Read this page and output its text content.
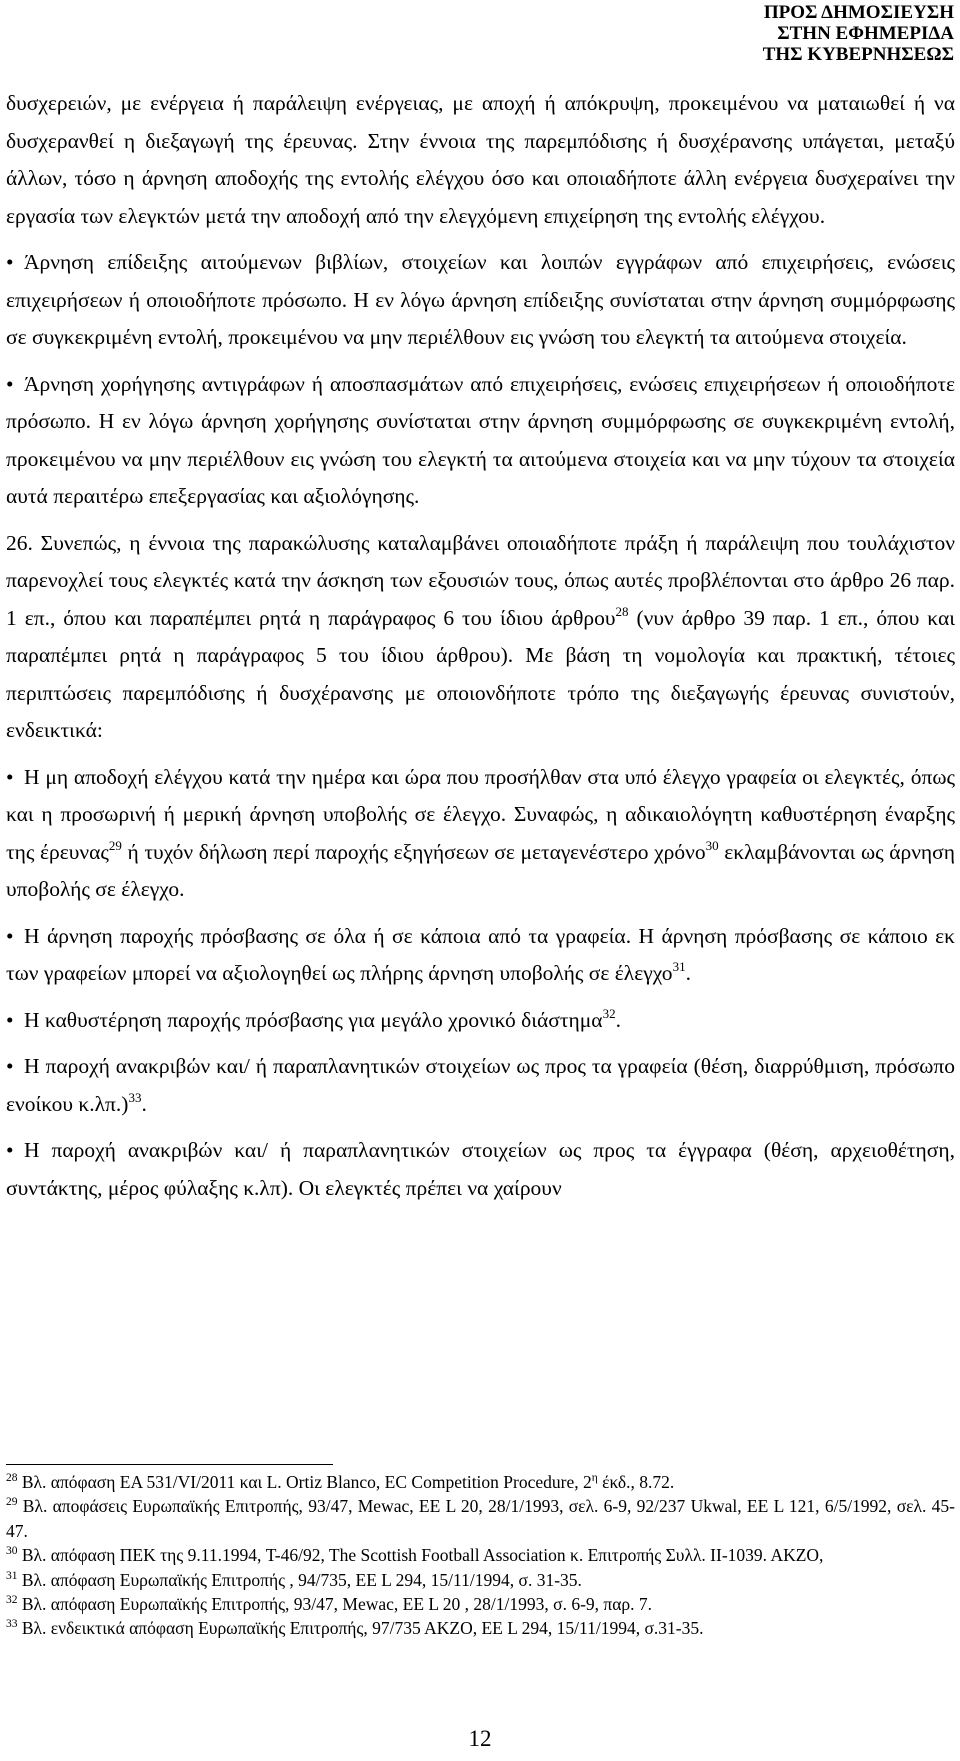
ΠΡΟΣ ΔΗΜΟΣΙΕΥΣΗ
ΣΤΗΝ ΕΦΗΜΕΡΙΔΑ
ΤΗΣ ΚΥΒΕΡΝΗΣΕΩΣ

δυσχερειών, με ενέργεια ή παράλειψη ενέργειας, με αποχή ή απόκρυψη, προκειμένου να ματαιωθεί ή να δυσχερανθεί η διεξαγωγή της έρευνας. Στην έννοια της παρεμπόδισης ή δυσχέρανσης υπάγεται, μεταξύ άλλων, τόσο η άρνηση αποδοχής της εντολής ελέγχου όσο και οποιαδήποτε άλλη ενέργεια δυσχεραίνει την εργασία των ελεγκτών μετά την αποδοχή από την ελεγχόμενη επιχείρηση της εντολής ελέγχου.

• Άρνηση επίδειξης αιτούμενων βιβλίων, στοιχείων και λοιπών εγγράφων από επιχειρήσεις, ενώσεις επιχειρήσεων ή οποιοδήποτε πρόσωπο. Η εν λόγω άρνηση επίδειξης συνίσταται στην άρνηση συμμόρφωσης σε συγκεκριμένη εντολή, προκειμένου να μην περιέλθουν εις γνώση του ελεγκτή τα αιτούμενα στοιχεία.

• Άρνηση χορήγησης αντιγράφων ή αποσπασμάτων από επιχειρήσεις, ενώσεις επιχειρήσεων ή οποιοδήποτε πρόσωπο. Η εν λόγω άρνηση χορήγησης συνίσταται στην άρνηση συμμόρφωσης σε συγκεκριμένη εντολή, προκειμένου να μην περιέλθουν εις γνώση του ελεγκτή τα αιτούμενα στοιχεία και να μην τύχουν τα στοιχεία αυτά περαιτέρω επεξεργασίας και αξιολόγησης.

26. Συνεπώς, η έννοια της παρακώλυσης καταλαμβάνει οποιαδήποτε πράξη ή παράλειψη που τουλάχιστον παρενοχλεί τους ελεγκτές κατά την άσκηση των εξουσιών τους, όπως αυτές προβλέπονται στο άρθρο 26 παρ. 1 επ., όπου και παραπέμπει ρητά η παράγραφος 6 του ίδιου άρθρου$^{28}$ (νυν άρθρο 39 παρ. 1 επ., όπου και παραπέμπει ρητά η παράγραφος 5 του ίδιου άρθρου). Με βάση τη νομολογία και πρακτική, τέτοιες περιπτώσεις παρεμπόδισης ή δυσχέρανσης με οποιονδήποτε τρόπο της διεξαγωγής έρευνας συνιστούν, ενδεικτικά:

• Η μη αποδοχή ελέγχου κατά την ημέρα και ώρα που προσήλθαν στα υπό έλεγχο γραφεία οι ελεγκτές, όπως και η προσωρινή ή μερική άρνηση υποβολής σε έλεγχο. Συναφώς, η αδικαιολόγητη καθυστέρηση έναρξης της έρευνας$^{29}$ ή τυχόν δήλωση περί παροχής εξηγήσεων σε μεταγενέστερο χρόνο$^{30}$ εκλαμβάνονται ως άρνηση υποβολής σε έλεγχο.

• Η άρνηση παροχής πρόσβασης σε όλα ή σε κάποια από τα γραφεία. Η άρνηση πρόσβασης σε κάποιο εκ των γραφείων μπορεί να αξιολογηθεί ως πλήρης άρνηση υποβολής σε έλεγχο$^{31}$.

• Η καθυστέρηση παροχής πρόσβασης για μεγάλο χρονικό διάστημα$^{32}$.

• Η παροχή ανακριβών και/ ή παραπλανητικών στοιχείων ως προς τα γραφεία (θέση, διαρρύθμιση, πρόσωπο ενοίκου κ.λπ.)$^{33}$.

• Η παροχή ανακριβών και/ ή παραπλανητικών στοιχείων ως προς τα έγγραφα (θέση, αρχειοθέτηση, συντάκτης, μέρος φύλαξης κ.λπ). Οι ελεγκτές πρέπει να χαίρουν

$^{28}$ Βλ. απόφαση ΕΑ 531/VI/2011 και L. Ortiz Blanco, EC Competition Procedure, $2^\eta$ έκδ., 8.72.

$^{29}$ Βλ. αποφάσεις Ευρωπαϊκής Επιτροπής, 93/47, Mewac, EE L 20, 28/1/1993, σελ. 6-9, 92/237 Ukwal, EE L 121, 6/5/1992, σελ. 45-47.

$^{30}$ Βλ. απόφαση ΠΕΚ της 9.11.1994, T-46/92, The Scottish Football Association κ. Επιτροπής Συλλ. II-1039. AKZO,

$^{31}$ Βλ. απόφαση Ευρωπαϊκής Επιτροπής , 94/735, ΕΕ L 294, 15/11/1994, σ. 31-35.

$^{32}$ Βλ. απόφαση Ευρωπαϊκής Επιτροπής, 93/47, Mewac, EE L 20 , 28/1/1993, σ. 6-9, παρ. 7.

$^{33}$ Βλ. ενδεικτικά απόφαση Ευρωπαϊκής Επιτροπής, 97/735 ΑΚΖΟ, ΕΕ L 294, 15/11/1994, σ.31-35.

12
